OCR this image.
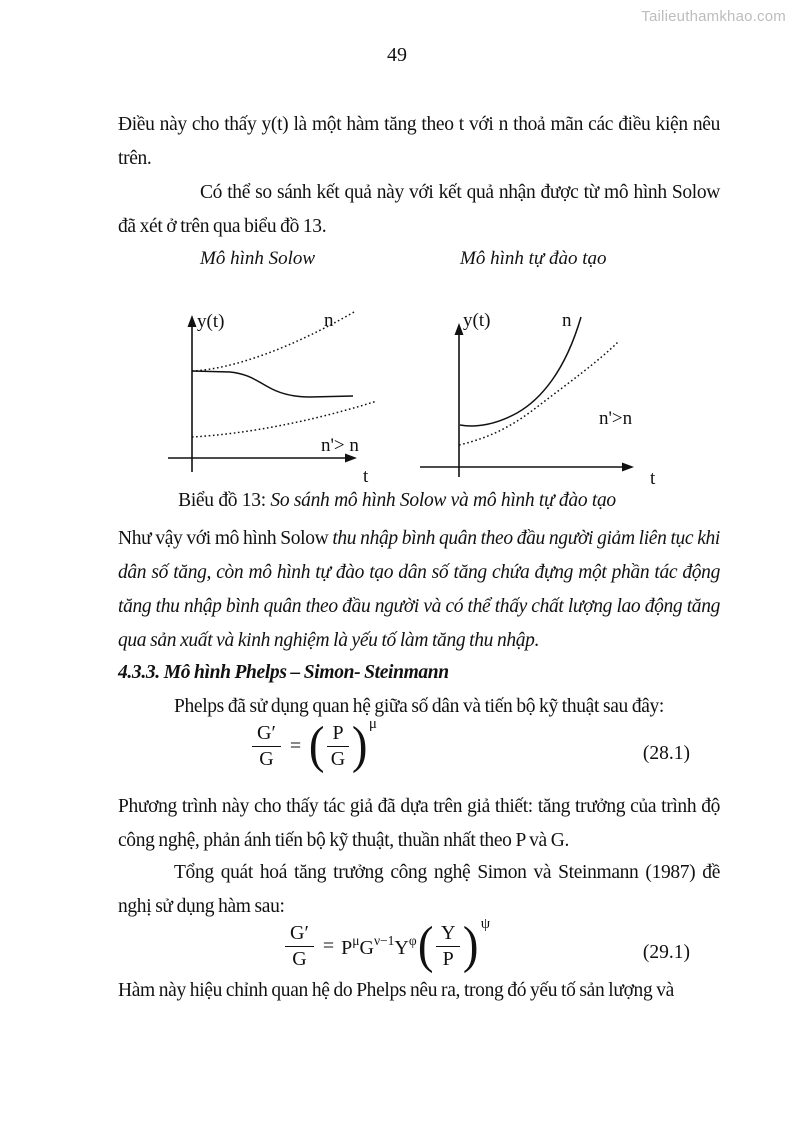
Tailieuthamkhao.com
49
Điều này cho thấy y(t) là một hàm tăng theo t với n thoả mãn các điều kiện nêu trên.
Có thể so sánh kết quả này với kết quả nhận được từ mô hình Solow đã xét ở trên qua biểu đồ 13.
Mô hình Solow	Mô hình tự đào tạo
y(t)	n
n'> n
t
y(t)	n
n'>n
t
Biểu đồ 13: So sánh mô hình Solow và mô hình tự đào tạo
Như vậy với mô hình Solow thu nhập bình quân theo đầu người giảm liên tục khi dân số tăng, còn mô hình tự đào tạo dân số tăng chứa đựng một phần tác động tăng thu nhập bình quân theo đầu người và có thể thấy chất lượng lao động tăng qua sản xuất và kinh nghiệm là yếu tố làm tăng thu nhập.
4.3.3. Mô hình Phelps – Simon- Steinmann
Phelps đã sử dụng quan hệ giữa số dân và tiến bộ kỹ thuật sau đây:
$\frac{G'}{G}$ = ( $\frac{P}{G}$ ) μ
(28.1)
Phương trình này cho thấy tác giả đã dựa trên giả thiết: tăng trưởng của trình độ công nghệ, phản ánh tiến bộ kỹ thuật, thuần nhất theo P và G.
Tổng quát hoá tăng trưởng công nghệ Simon và Steinmann (1987) đề nghị sử dụng hàm sau:
$\frac{G'}{G} = P^\mu$ $G^{\nu-1}$ $Y^\varphi$ ( $\frac{Y}{P}$ ) ψ
(29.1)
Hàm này hiệu chỉnh quan hệ do Phelps nêu ra, trong đó yếu tố sản lượng và
